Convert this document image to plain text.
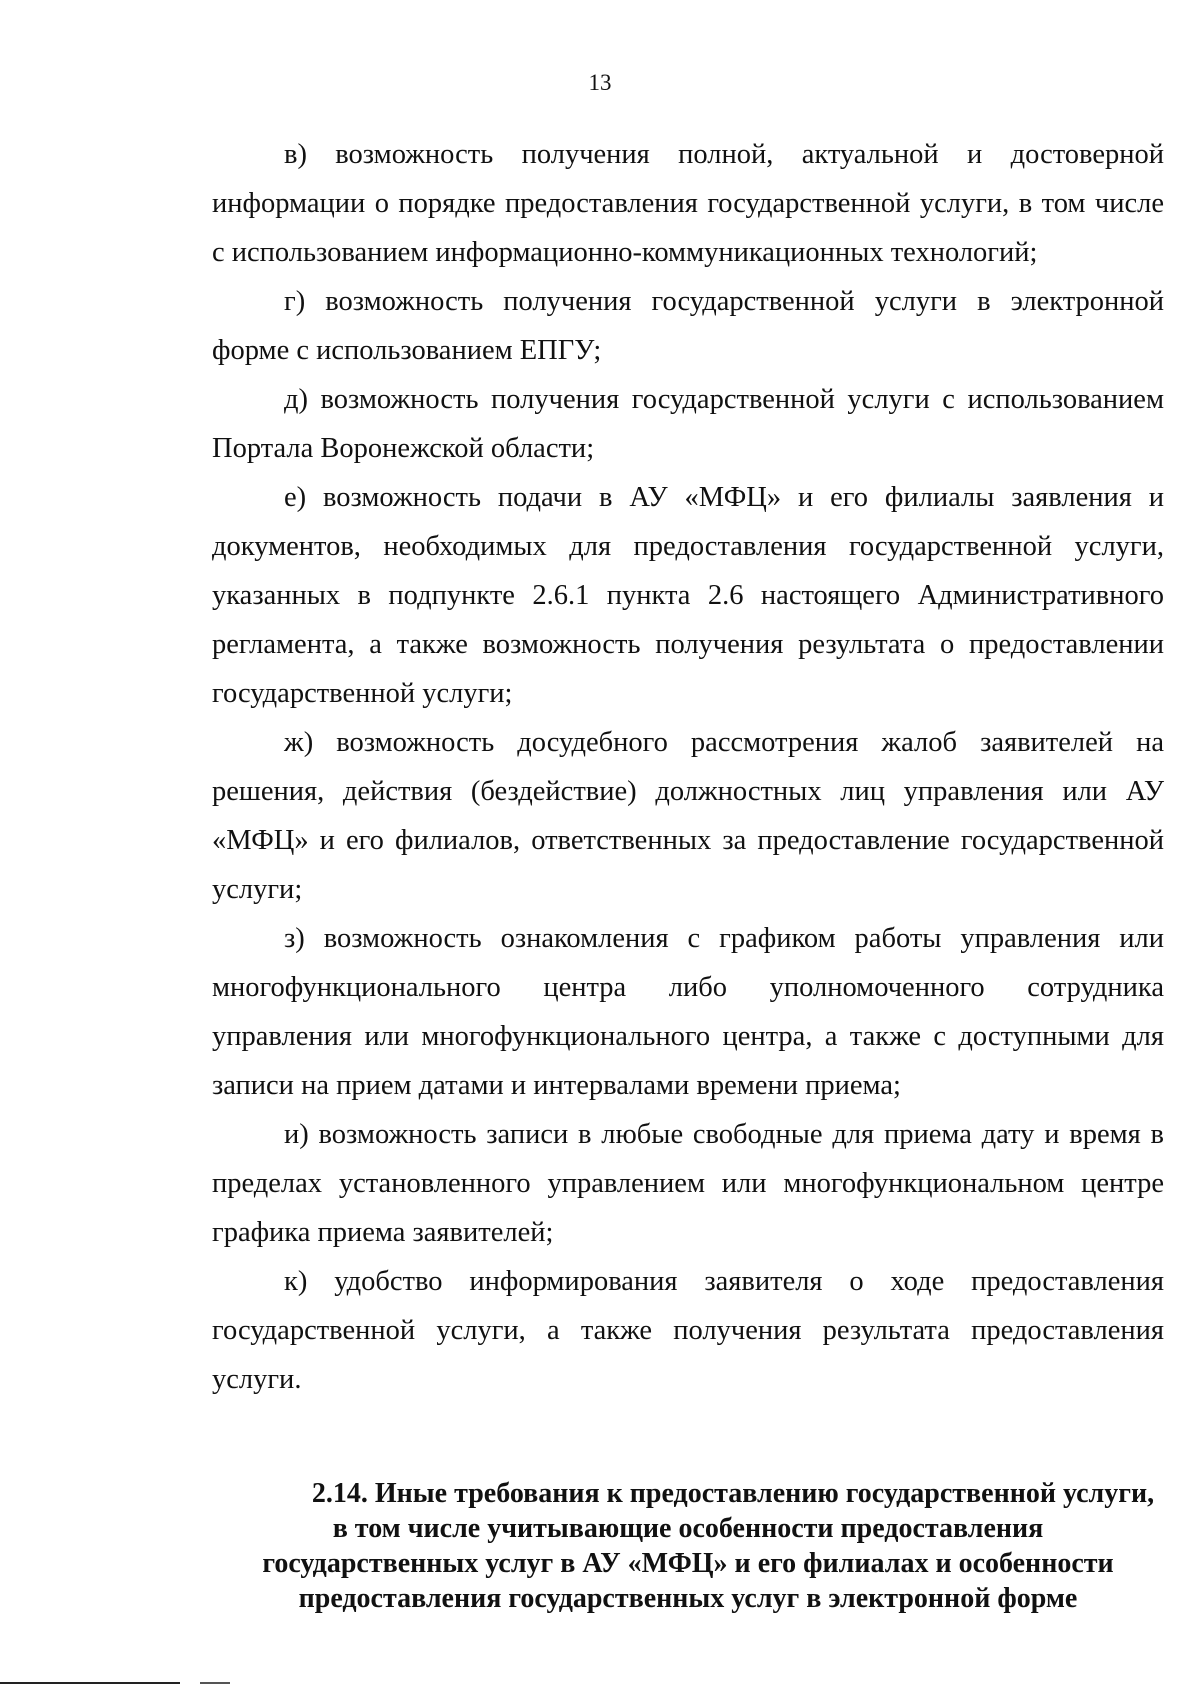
13

в) возможность получения полной, актуальной и достоверной информации о порядке предоставления государственной услуги, в том числе с использованием информационно-коммуникационных технологий;

г) возможность получения государственной услуги в электронной форме с использованием ЕПГУ;

д) возможность получения государственной услуги с использованием Портала Воронежской области;

е) возможность подачи в АУ «МФЦ» и его филиалы заявления и документов, необходимых для предоставления государственной услуги, указанных в подпункте 2.6.1 пункта 2.6 настоящего Административного регламента, а также возможность получения результата о предоставлении государственной услуги;

ж) возможность досудебного рассмотрения жалоб заявителей на решения, действия (бездействие) должностных лиц управления или АУ «МФЦ» и его филиалов, ответственных за предоставление государственной услуги;

з) возможность ознакомления с графиком работы управления или многофункционального центра либо уполномоченного сотрудника управления или многофункционального центра, а также с доступными для записи на прием датами и интервалами времени приема;

и) возможность записи в любые свободные для приема дату и время в пределах установленного управлением или многофункциональном центре графика приема заявителей;

к) удобство информирования заявителя о ходе предоставления государственной услуги, а также получения результата предоставления услуги.

2.14. Иные требования к предоставлению государственной услуги,
в том числе учитывающие особенности предоставления
государственных услуг в АУ «МФЦ» и его филиалах и особенности
предоставления государственных услуг в электронной форме
